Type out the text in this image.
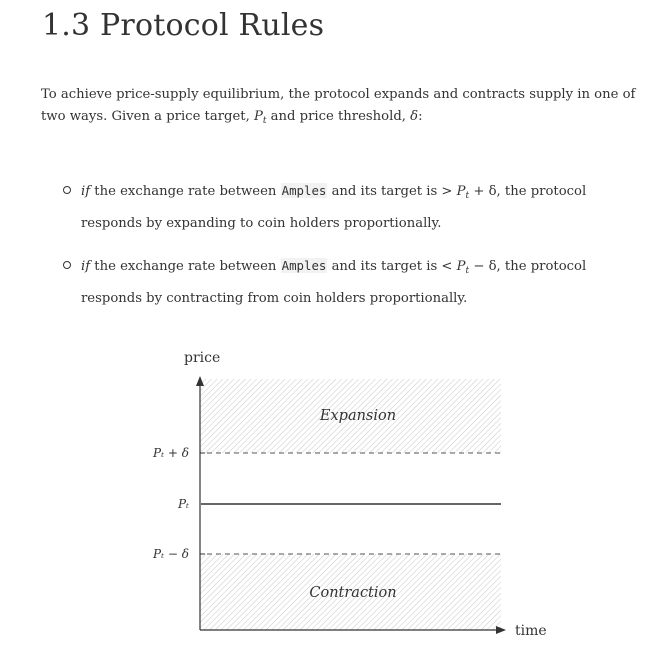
1.3 Protocol Rules

To achieve price-supply equilibrium, the protocol expands and contracts supply in one of two ways. Given a price target, $P_t$ and price threshold, δ:

if the exchange rate between Amples and its target is > $P_t + \delta$, the protocol responds by expanding to coin holders proportionally.
if the exchange rate between Amples and its target is < $P_t - \delta$, the protocol responds by contracting from coin holders proportionally.
price
time
Pₜ + δ
Pₜ
Pₜ − δ
Expansion
Contraction
